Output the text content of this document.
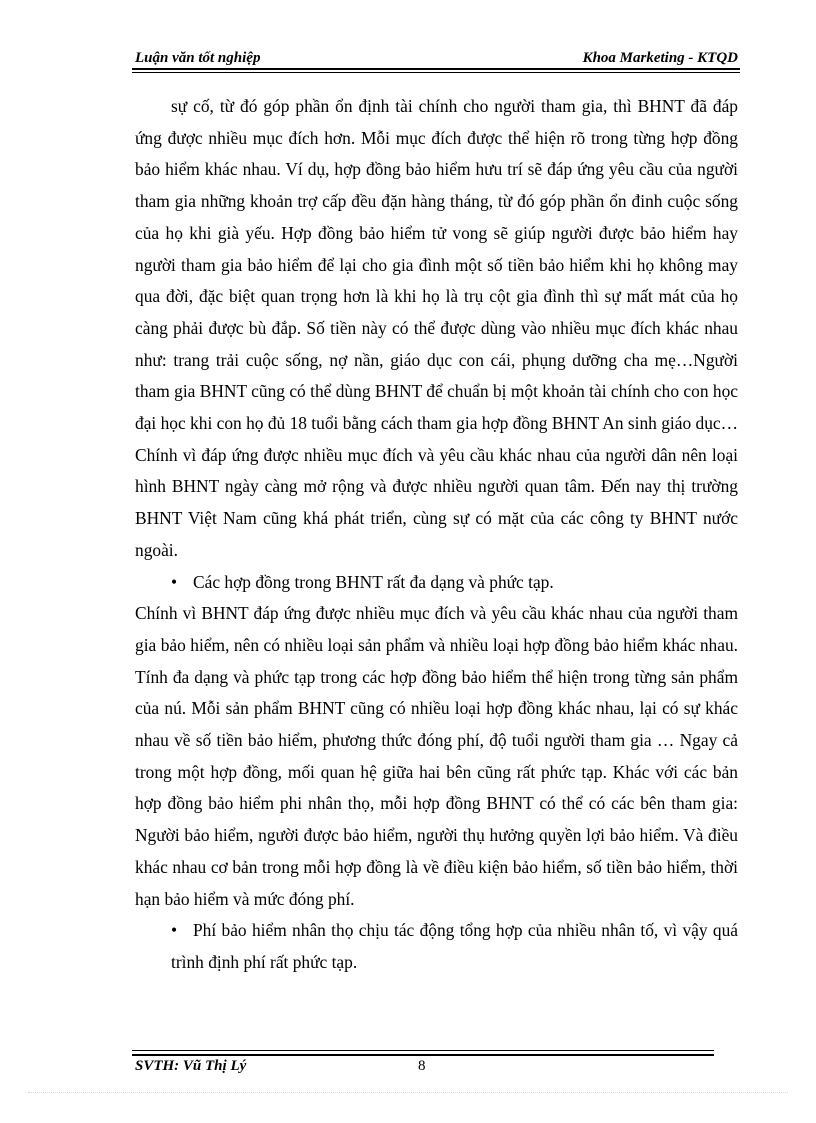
Luận văn tốt nghiệp	Khoa Marketing - KTQD

sự cố, từ đó góp phần ổn định tài chính cho người tham gia, thì BHNT đã đáp ứng được nhiều mục đích hơn. Mỗi mục đích được thể hiện rõ trong từng hợp đồng bảo hiểm khác nhau. Ví dụ, hợp đồng bảo hiểm hưu trí sẽ đáp ứng yêu cầu của người tham gia những khoản trợ cấp đều đặn hàng tháng, từ đó góp phần ổn đinh cuộc sống của họ khi già yếu. Hợp đồng bảo hiểm tử vong sẽ giúp người được bảo hiểm hay người tham gia bảo hiểm để lại cho gia đình một số tiền bảo hiểm khi họ không may qua đời, đặc biệt quan trọng hơn là khi họ là trụ cột gia đình thì sự mất mát của họ càng phải được bù đắp. Số tiền này có thể được dùng vào nhiều mục đích khác nhau như: trang trải cuộc sống, nợ nần, giáo dục con cái, phụng dưỡng cha mẹ…Người tham gia BHNT cũng có thể dùng BHNT để chuẩn bị một khoản tài chính cho con học đại học khi con họ đủ 18 tuổi bằng cách tham gia hợp đồng BHNT An sinh giáo dục… Chính vì đáp ứng được nhiều mục đích và yêu cầu khác nhau của người dân nên loại hình BHNT ngày càng mở rộng và được nhiều người quan tâm. Đến nay thị trường BHNT Việt Nam cũng khá phát triển, cùng sự có mặt của các công ty BHNT nước ngoài.

• Các hợp đồng trong BHNT rất đa dạng và phức tạp.

Chính vì BHNT đáp ứng được nhiều mục đích và yêu cầu khác nhau của người tham gia bảo hiểm, nên có nhiều loại sản phẩm và nhiều loại hợp đồng bảo hiểm khác nhau. Tính đa dạng và phức tạp trong các hợp đồng bảo hiểm thể hiện trong từng sản phẩm của nú. Mỗi sản phẩm BHNT cũng có nhiều loại hợp đồng khác nhau, lại có sự khác nhau về số tiền bảo hiểm, phương thức đóng phí, độ tuổi người tham gia … Ngay cả trong một hợp đồng, mối quan hệ giữa hai bên cũng rất phức tạp. Khác với các bản hợp đồng bảo hiểm phi nhân thọ, mỗi hợp đồng BHNT có thể có các bên tham gia: Người bảo hiểm, người được bảo hiểm, người thụ hưởng quyền lợi bảo hiểm. Và điều khác nhau cơ bản trong mỗi hợp đồng là về điều kiện bảo hiểm, số tiền bảo hiểm, thời hạn bảo hiểm và mức đóng phí.

• Phí bảo hiểm nhân thọ chịu tác động tổng hợp của nhiều nhân tố, vì vậy quá trình định phí rất phức tạp.

SVTH: Vũ Thị Lý	8
